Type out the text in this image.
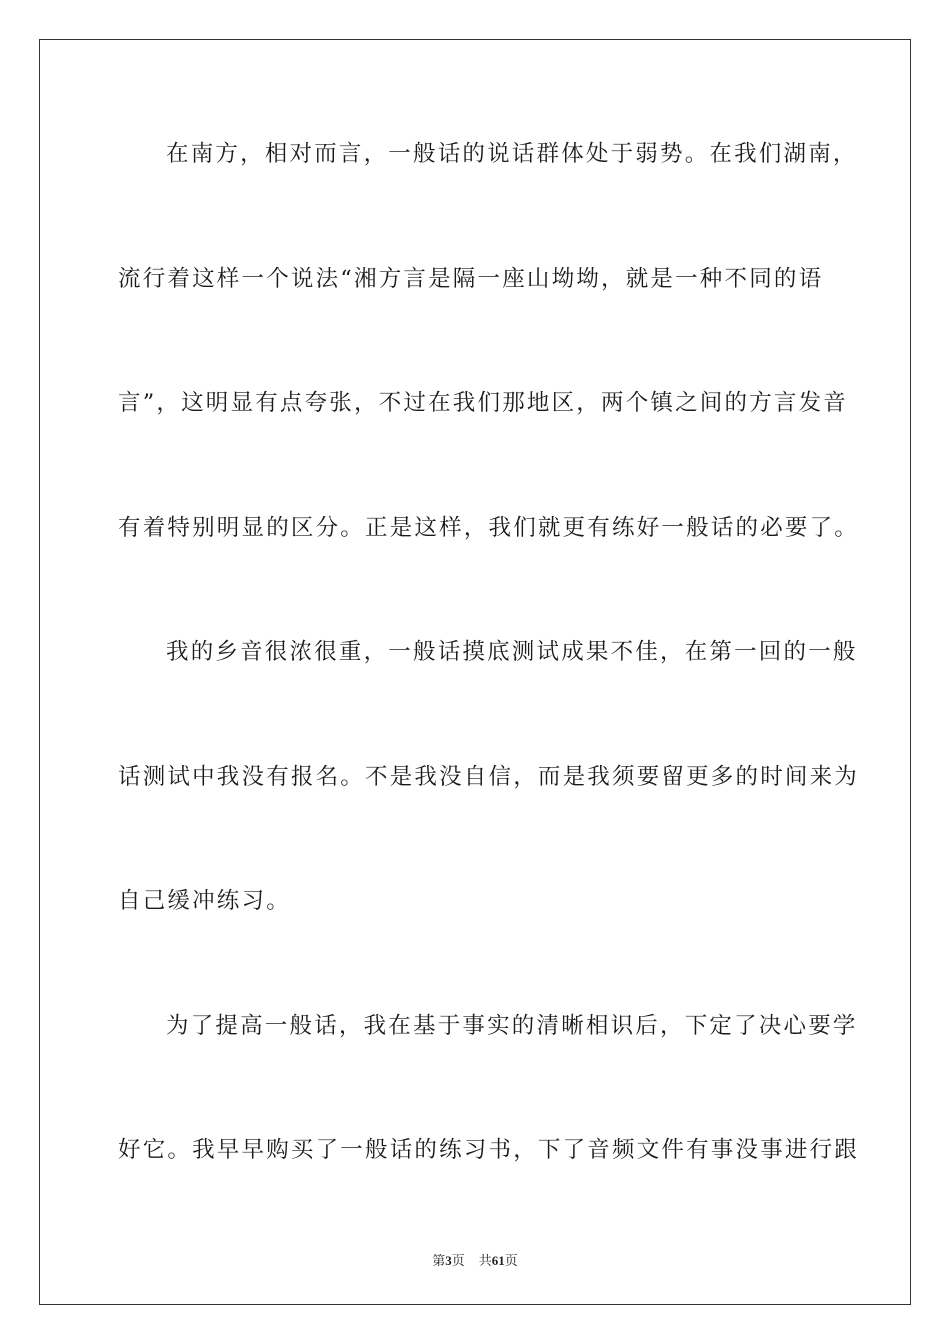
在南方，相对而言，一般话的说话群体处于弱势。在我们湖南，
流行着这样一个说法“湘方言是隔一座山坳坳，就是一种不同的语
言”，这明显有点夸张，不过在我们那地区，两个镇之间的方言发音
有着特别明显的区分。正是这样，我们就更有练好一般话的必要了。
我的乡音很浓很重，一般话摸底测试成果不佳，在第一回的一般
话测试中我没有报名。不是我没自信，而是我须要留更多的时间来为
自己缓冲练习。
为了提高一般话，我在基于事实的清晰相识后，下定了决心要学
好它。我早早购买了一般话的练习书，下了音频文件有事没事进行跟
第3页 共61页
